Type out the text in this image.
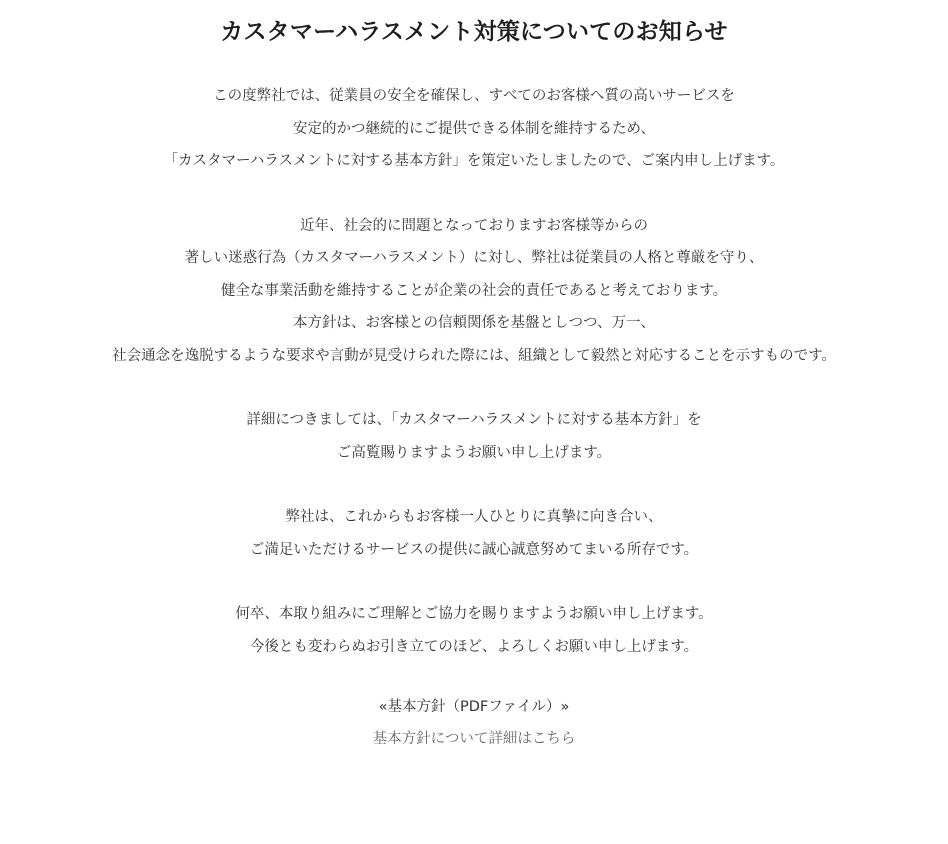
カスタマーハラスメント対策についてのお知らせ

この度弊社では、従業員の安全を確保し、すべてのお客様へ質の高いサービスを
安定的かつ継続的にご提供できる体制を維持するため、
「カスタマーハラスメントに対する基本方針」を策定いたしましたので、ご案内申し上げます。

近年、社会的に問題となっておりますお客様等からの
著しい迷惑行為（カスタマーハラスメント）に対し、弊社は従業員の人格と尊厳を守り、
健全な事業活動を維持することが企業の社会的責任であると考えております。
本方針は、お客様との信頼関係を基盤としつつ、万一、
社会通念を逸脱するような要求や言動が見受けられた際には、組織として毅然と対応することを示すものです。

詳細につきましては、「カスタマーハラスメントに対する基本方針」を
ご高覧賜りますようお願い申し上げます。

弊社は、これからもお客様一人ひとりに真摯に向き合い、
ご満足いただけるサービスの提供に誠心誠意努めてまいる所存です。

何卒、本取り組みにご理解とご協力を賜りますようお願い申し上げます。
今後とも変わらぬお引き立てのほど、よろしくお願い申し上げます。

«基本方針（PDFファイル）»
基本方針について詳細はこちら
